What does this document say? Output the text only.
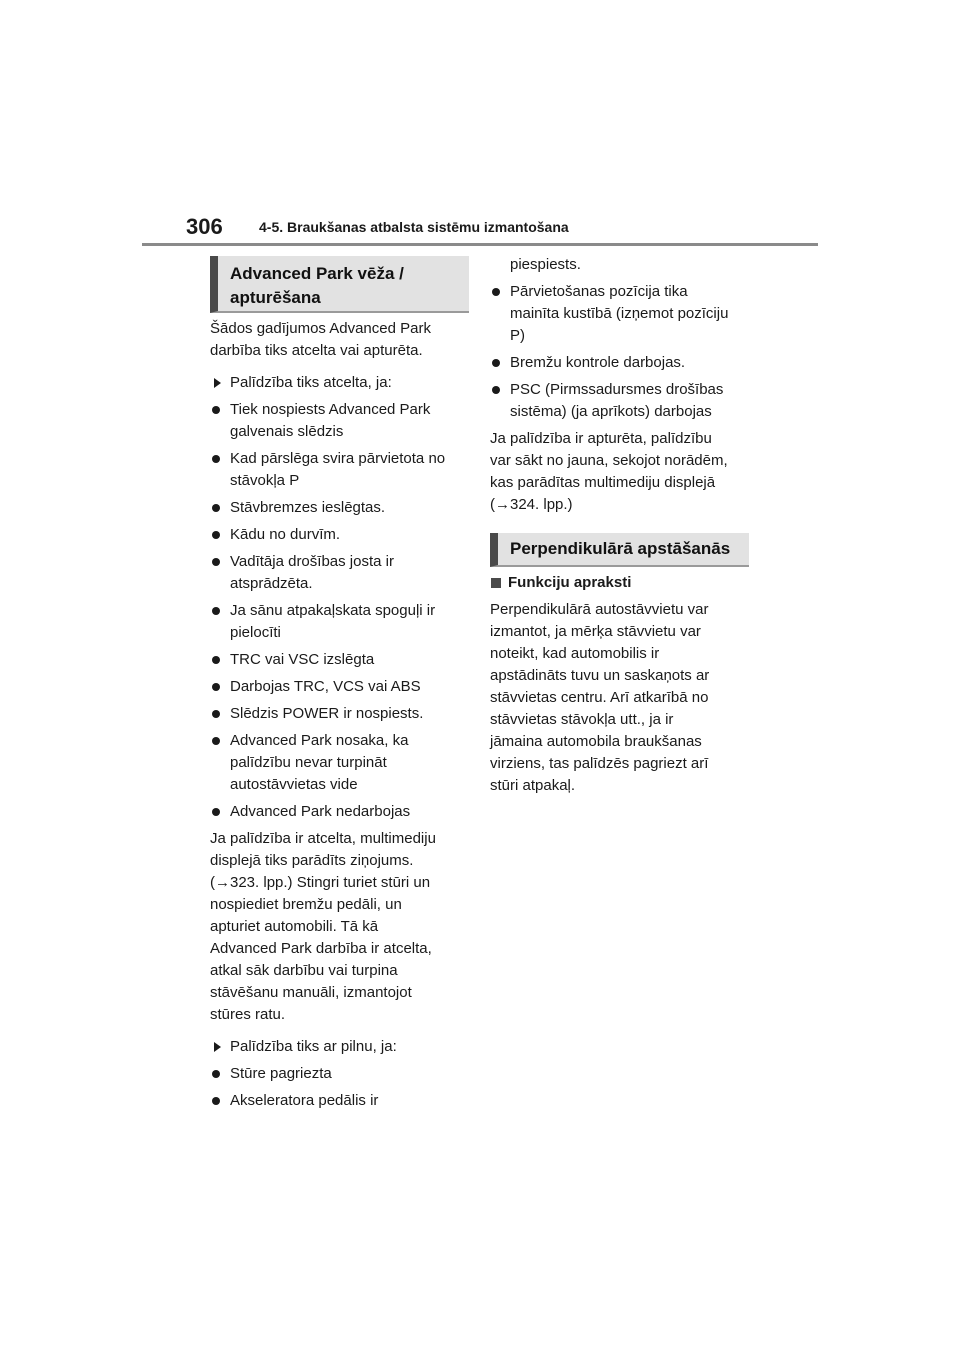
306	4-5. Braukšanas atbalsta sistēmu izmantošana
Advanced Park vēža /
apturēšana

Šādos gadījumos Advanced Park
darbība tiks atcelta vai apturēta.

Palīdzība tiks atcelta, ja:
Tiek nospiests Advanced Park
galvenais slēdzis
Kad pārslēga svira pārvietota no
stāvokļa P
Stāvbremzes ieslēgtas.
Kādu no durvīm.
Vadītāja drošības josta ir
atsprādzēta.
Ja sānu atpakaļskata spoguļi ir
pielocīti
TRC vai VSC izslēgta
Darbojas TRC, VCS vai ABS
Slēdzis POWER ir nospiests.
Advanced Park nosaka, ka
palīdzību nevar turpināt
autostāvvietas vide
Advanced Park nedarbojas

Ja palīdzība ir atcelta, multimediju
displejā tiks parādīts ziņojums.
(→323. lpp.) Stingri turiet stūri un
nospiediet bremžu pedāli, un
apturiet automobili. Tā kā
Advanced Park darbība ir atcelta,
atkal sāk darbību vai turpina
stāvēšanu manuāli, izmantojot
stūres ratu.

Palīdzība tiks ar pilnu, ja:
Stūre pagriezta
Akseleratora pedālis ir

piespiests.

Pārvietošanas pozīcija tika
mainīta kustībā (izņemot pozīciju
P)
Bremžu kontrole darbojas.
PSC (Pirmssadursmes drošības
sistēma) (ja aprīkots) darbojas

Ja palīdzība ir apturēta, palīdzību
var sākt no jauna, sekojot norādēm,
kas parādītas multimediju displejā
(→324. lpp.)

Perpendikulārā apstāšanās
Funkciju apraksti

Perpendikulārā autostāvvietu var
izmantot, ja mērķa stāvvietu var
noteikt, kad automobilis ir
apstādināts tuvu un saskaņots ar
stāvvietas centru. Arī atkarībā no
stāvvietas stāvokļa utt., ja ir
jāmaina automobila braukšanas
virziens, tas palīdzēs pagriezt arī
stūri atpakaļ.
